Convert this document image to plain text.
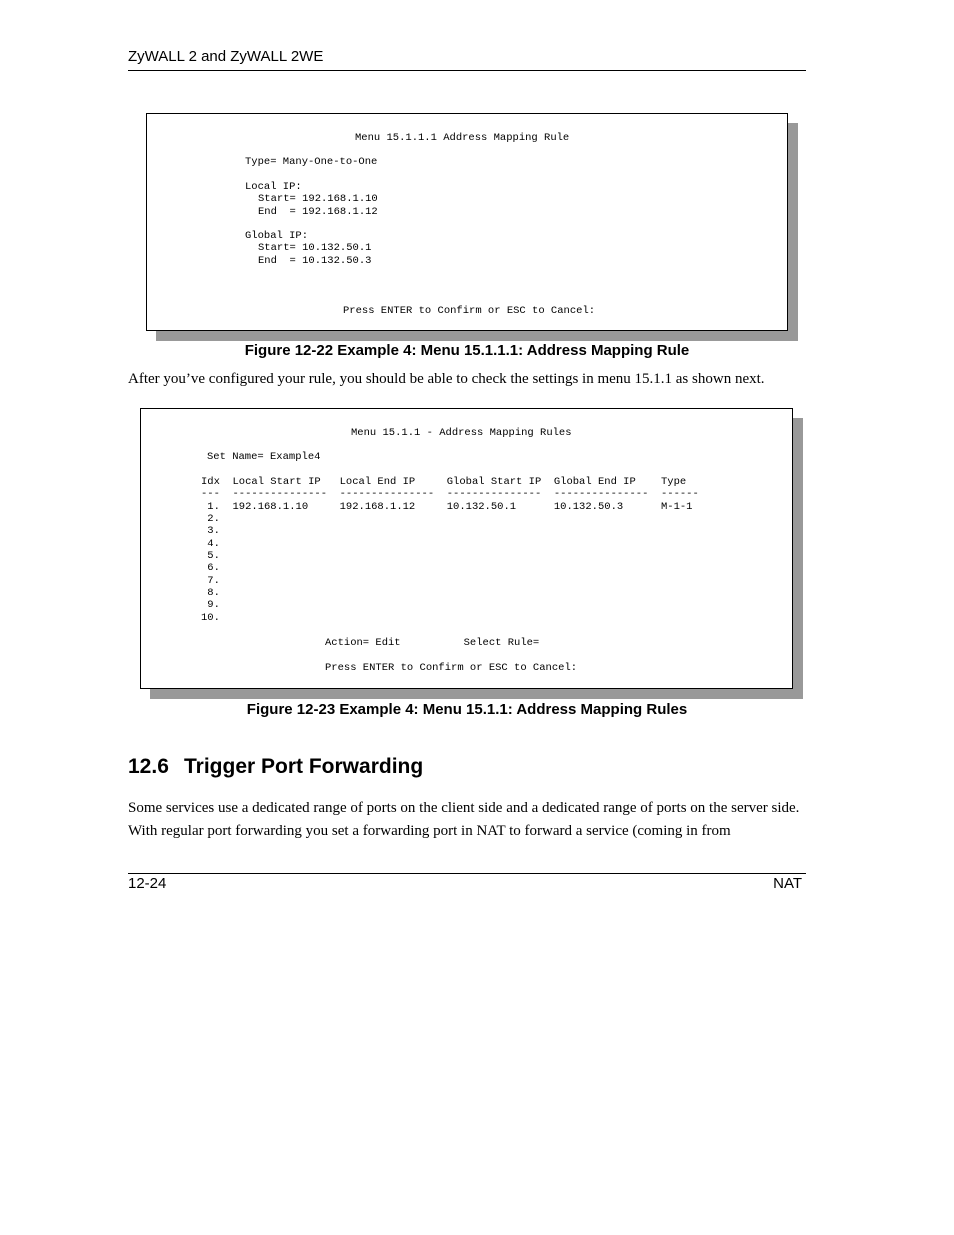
ZyWALL 2 and ZyWALL 2WE
Menu 15.1.1.1 Address Mapping Rule
Type= Many-One-to-One
Local IP:
Start= 192.168.1.10
End  = 192.168.1.12
Global IP:
Start= 10.132.50.1
End  = 10.132.50.3
Press ENTER to Confirm or ESC to Cancel:
Figure 12-22 Example 4: Menu 15.1.1.1: Address Mapping Rule
After you’ve configured your rule, you should be able to check the settings in menu 15.1.1 as shown next.
Menu 15.1.1 - Address Mapping Rules
Set Name= Example4
Idx  Local Start IP   Local End IP     Global Start IP  Global End IP    Type
---  ---------------  ---------------  ---------------  ---------------  ------
1.  192.168.1.10     192.168.1.12     10.132.50.1      10.132.50.3      M-1-1
2.
3.
4.
5.
6.
7.
8.
9.
10.
Action= Edit          Select Rule=
Press ENTER to Confirm or ESC to Cancel:
Figure 12-23 Example 4: Menu 15.1.1: Address Mapping Rules
12.6 Trigger Port Forwarding
Some services use a dedicated range of ports on the client side and a dedicated range of ports on the server side. With regular port forwarding you set a forwarding port in NAT to forward a service (coming in from
12-24	NAT
